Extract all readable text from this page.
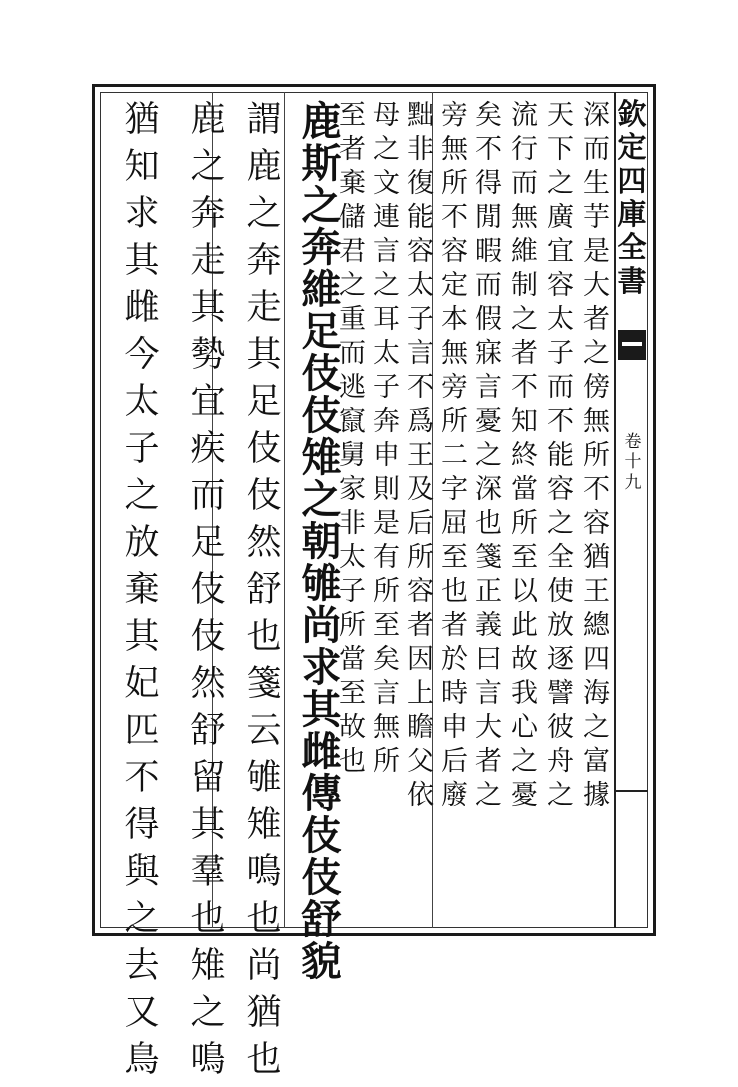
欽
定
四
庫
全
書
卷
十
九
深而生芋是大者之傍無所不容猶王總四海之富據
天下之廣宜容太子而不能容之全使放逐譬彼舟之
流行而無維制之者不知終當所至以此故我心之憂
矣不得閒暇而假寐言憂之深也箋正義曰言大者之
旁無所不容定本無旁所二字屈至也者於時申后廢
黜非復能容太子言不爲王及后所容者因上瞻父依
母之文連言之耳太子奔申則是有所至矣言無所
至者棄儲君之重而逃竄舅家非太子所當至故也
鹿斯之奔維足伎伎雉之朝雊尚求其雌傳伎伎舒貌
謂鹿之奔走其足伎伎然舒也箋云雊雉鳴也尚猶也
鹿之奔走其勢宜疾而足伎伎然舒留其羣也雉之鳴
猶知求其雌今太子之放棄其妃匹不得與之去又鳥
